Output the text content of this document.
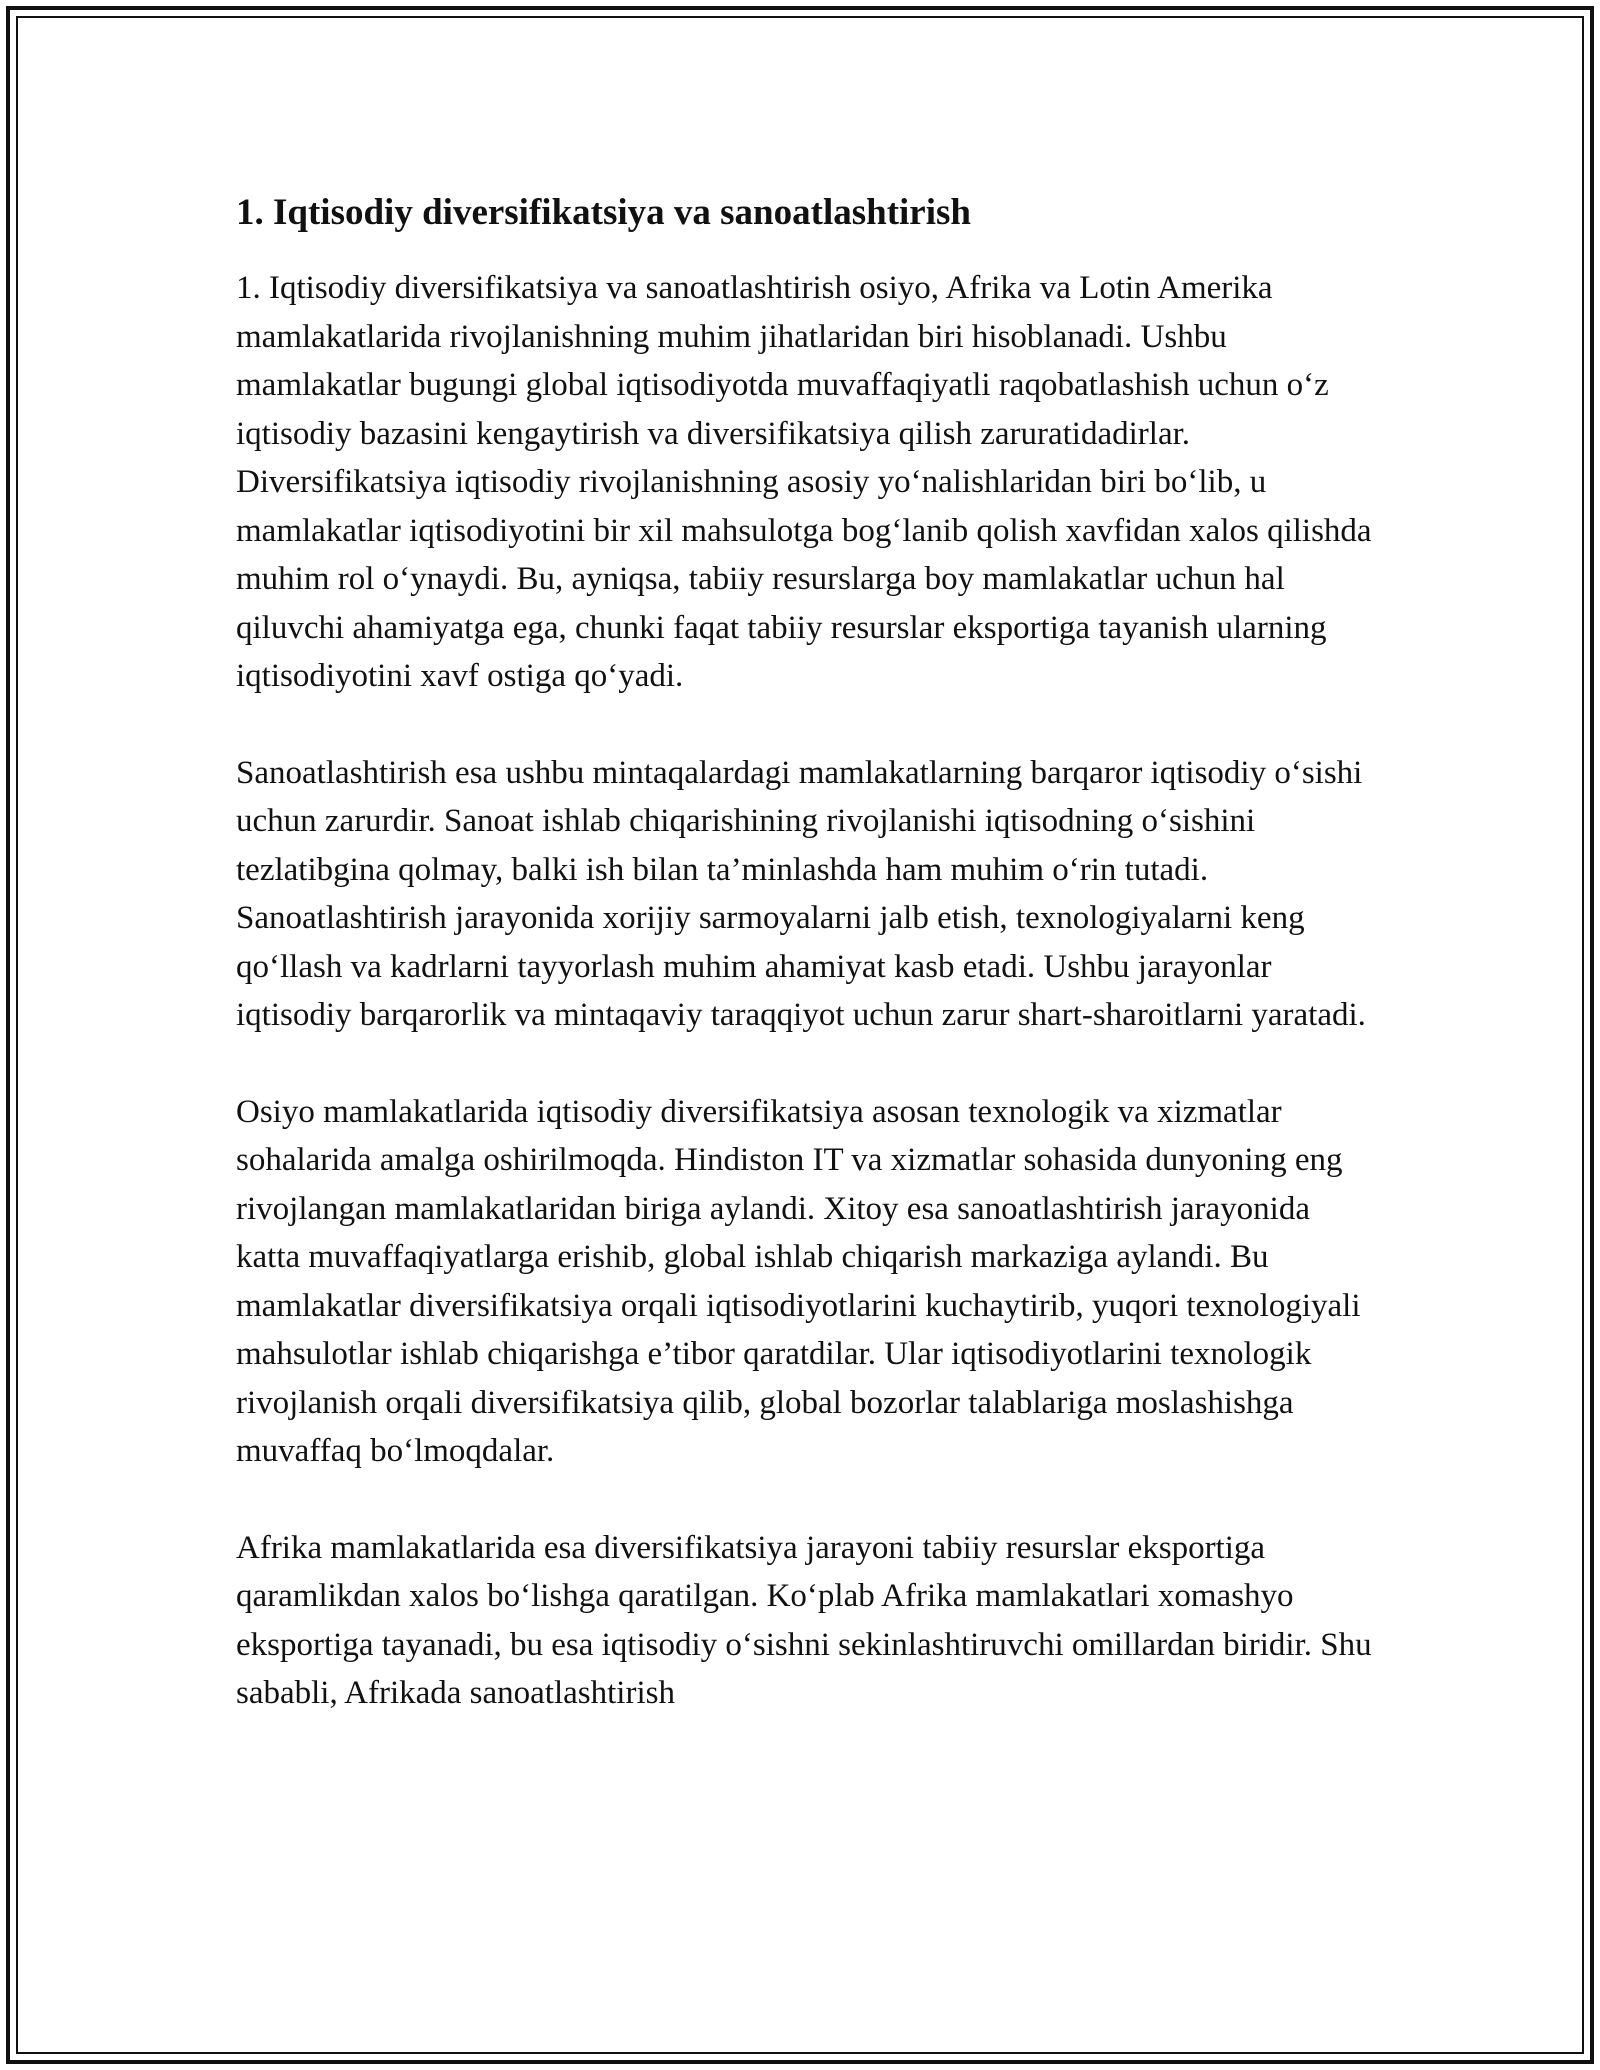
1. Iqtisodiy diversifikatsiya va sanoatlashtirish

1. Iqtisodiy diversifikatsiya va sanoatlashtirish osiyo, Afrika va Lotin Amerika mamlakatlarida rivojlanishning muhim jihatlaridan biri hisoblanadi. Ushbu mamlakatlar bugungi global iqtisodiyotda muvaffaqiyatli raqobatlashish uchun o‘z iqtisodiy bazasini kengaytirish va diversifikatsiya qilish zaruratidadirlar. Diversifikatsiya iqtisodiy rivojlanishning asosiy yo‘nalishlaridan biri bo‘lib, u mamlakatlar iqtisodiyotini bir xil mahsulotga bog‘lanib qolish xavfidan xalos qilishda muhim rol o‘ynaydi. Bu, ayniqsa, tabiiy resurslarga boy mamlakatlar uchun hal qiluvchi ahamiyatga ega, chunki faqat tabiiy resurslar eksportiga tayanish ularning iqtisodiyotini xavf ostiga qo‘yadi.

Sanoatlashtirish esa ushbu mintaqalardagi mamlakatlarning barqaror iqtisodiy o‘sishi uchun zarurdir. Sanoat ishlab chiqarishining rivojlanishi iqtisodning o‘sishini tezlatibgina qolmay, balki ish bilan ta’minlashda ham muhim o‘rin tutadi. Sanoatlashtirish jarayonida xorijiy sarmoyalarni jalb etish, texnologiyalarni keng qo‘llash va kadrlarni tayyorlash muhim ahamiyat kasb etadi. Ushbu jarayonlar iqtisodiy barqarorlik va mintaqaviy taraqqiyot uchun zarur shart-sharoitlarni yaratadi.

Osiyo mamlakatlarida iqtisodiy diversifikatsiya asosan texnologik va xizmatlar sohalarida amalga oshirilmoqda. Hindiston IT va xizmatlar sohasida dunyoning eng rivojlangan mamlakatlaridan biriga aylandi. Xitoy esa sanoatlashtirish jarayonida katta muvaffaqiyatlarga erishib, global ishlab chiqarish markaziga aylandi. Bu mamlakatlar diversifikatsiya orqali iqtisodiyotlarini kuchaytirib, yuqori texnologiyali mahsulotlar ishlab chiqarishga e’tibor qaratdilar. Ular iqtisodiyotlarini texnologik rivojlanish orqali diversifikatsiya qilib, global bozorlar talablariga moslashishga muvaffaq bo‘lmoqdalar.

Afrika mamlakatlarida esa diversifikatsiya jarayoni tabiiy resurslar eksportiga qaramlikdan xalos bo‘lishga qaratilgan. Ko‘plab Afrika mamlakatlari xomashyo eksportiga tayanadi, bu esa iqtisodiy o‘sishni sekinlashtiruvchi omillardan biridir. Shu sababli, Afrikada sanoatlashtirish
